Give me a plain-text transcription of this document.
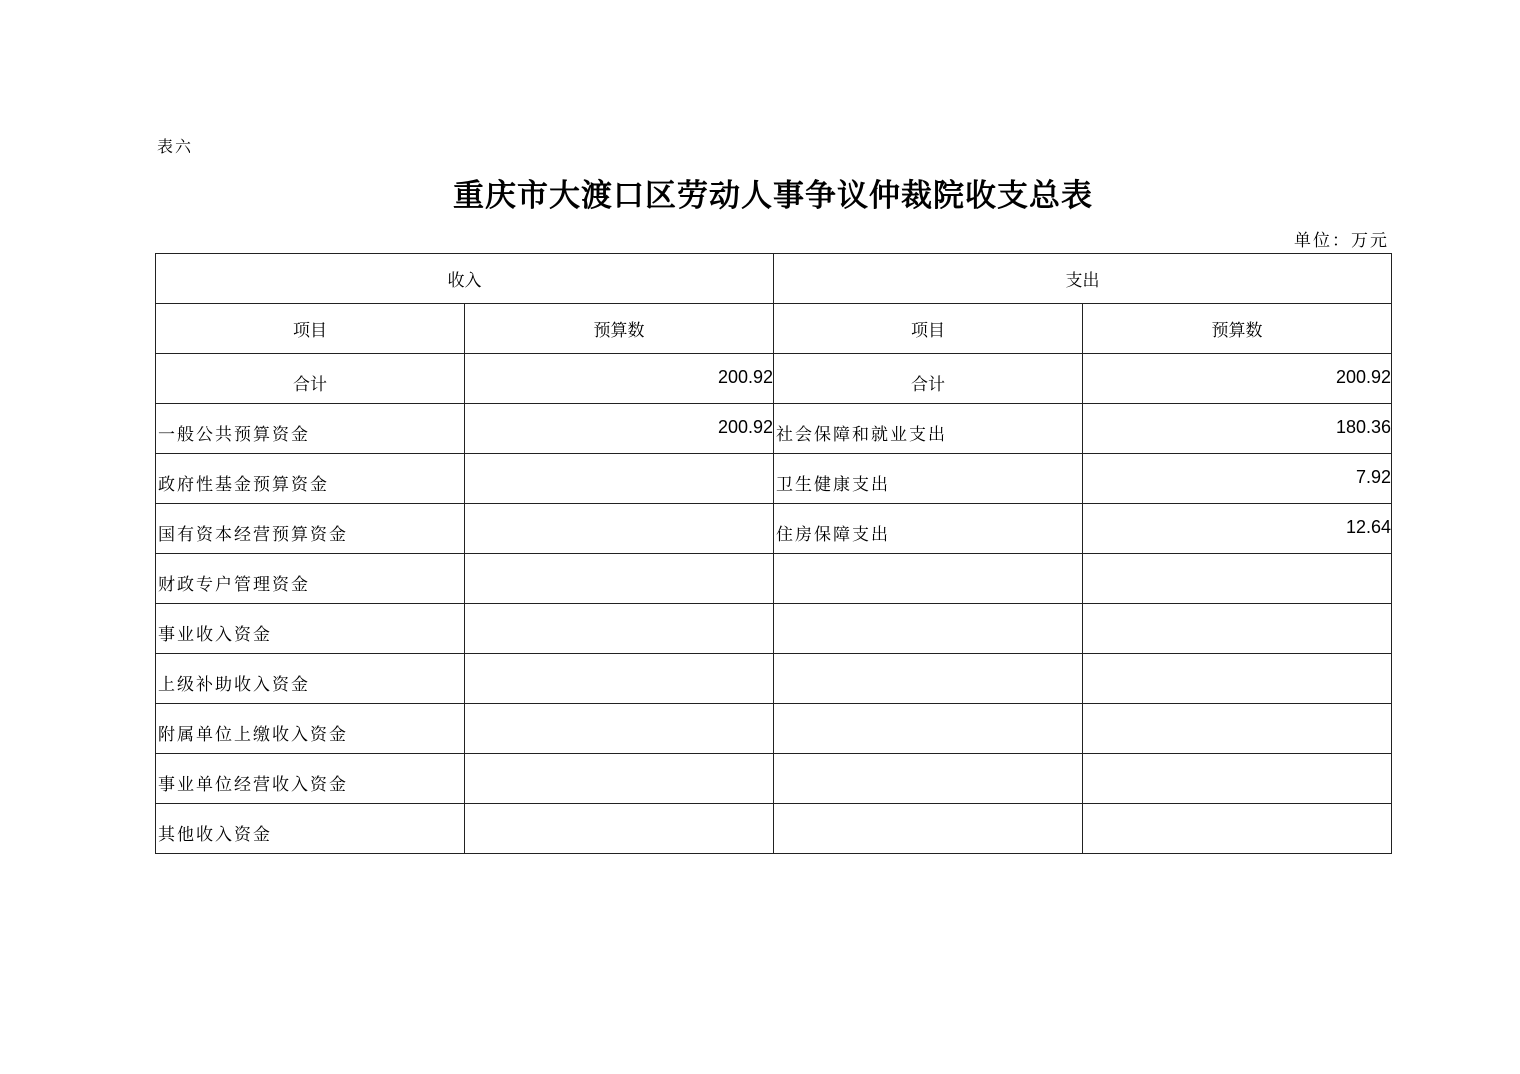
表六
重庆市大渡口区劳动人事争议仲裁院收支总表
单位：万元
收入		支出	
项目	预算数	项目	预算数
合计	200.92	合计	200.92
一般公共预算资金	200.92	社会保障和就业支出	180.36
政府性基金预算资金		卫生健康支出	7.92
国有资本经营预算资金		住房保障支出	12.64
财政专户管理资金			
事业收入资金			
上级补助收入资金			
附属单位上缴收入资金			
事业单位经营收入资金			
其他收入资金			
